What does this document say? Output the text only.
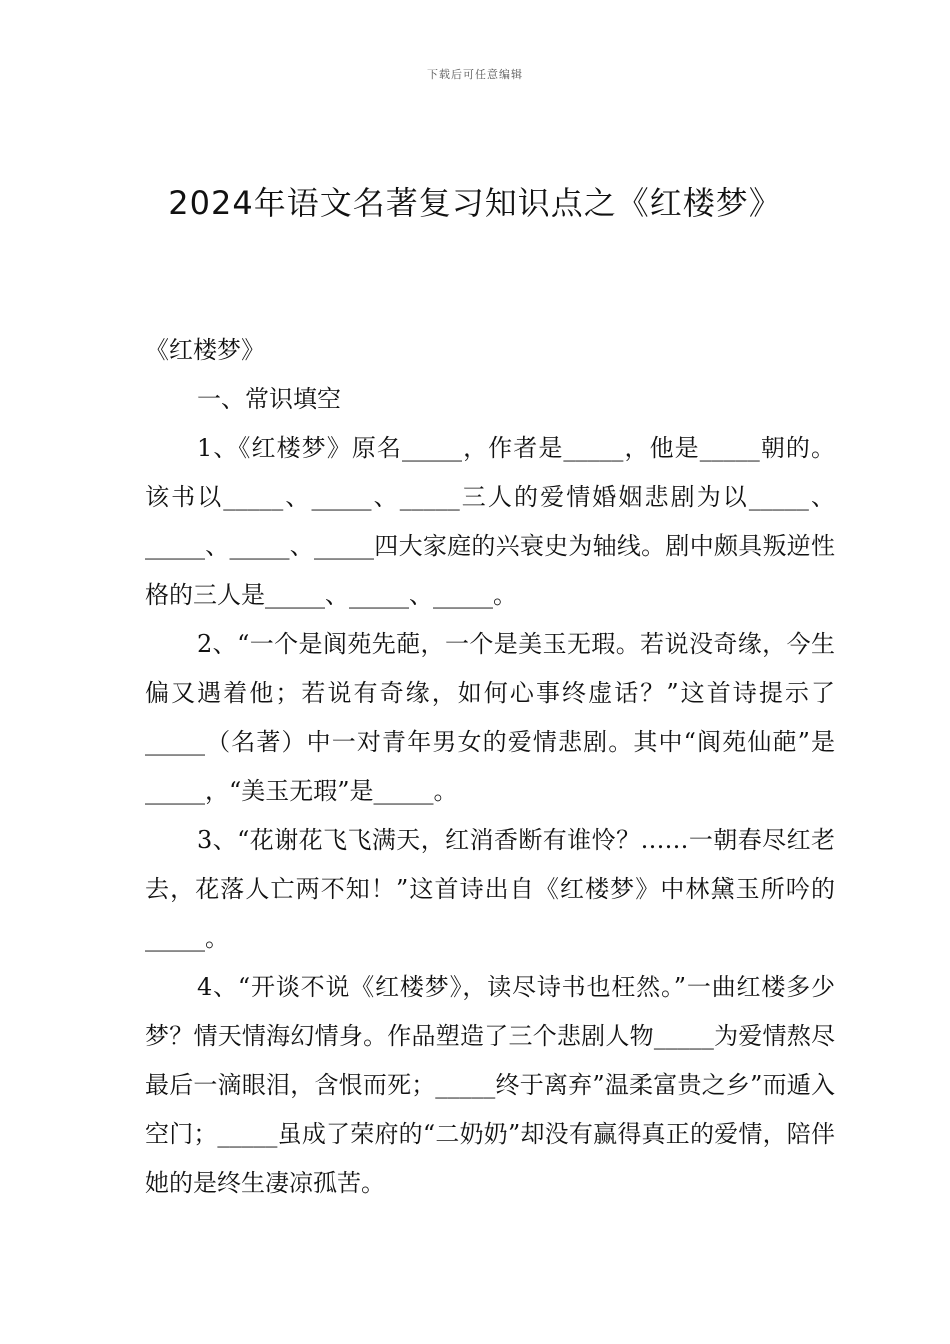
下载后可任意编辑
2024年语文名著复习知识点之《红楼梦》

《红楼梦》

一、常识填空

1、《红楼梦》原名_____，作者是_____，他是_____朝的。该书以_____、_____、_____三人的爱情婚姻悲剧为以_____、_____、_____、_____四大家庭的兴衰史为轴线。剧中颇具叛逆性格的三人是_____、_____、_____。

2、“一个是阆苑先葩，一个是美玉无瑕。若说没奇缘，今生偏又遇着他；若说有奇缘，如何心事终虚话？”这首诗提示了_____（名著）中一对青年男女的爱情悲剧。其中“阆苑仙葩”是_____，“美玉无瑕”是_____。

3、“花谢花飞飞满天，红消香断有谁怜？……一朝春尽红老去，花落人亡两不知！”这首诗出自《红楼梦》中林黛玉所吟的_____。

4、“开谈不说《红楼梦》，读尽诗书也枉然。”一曲红楼多少梦？情天情海幻情身。作品塑造了三个悲剧人物_____为爱情熬尽最后一滴眼泪，含恨而死；_____终于离弃”温柔富贵之乡”而遁入空门；_____虽成了荣府的“二奶奶”却没有赢得真正的爱情，陪伴她的是终生凄凉孤苦。
